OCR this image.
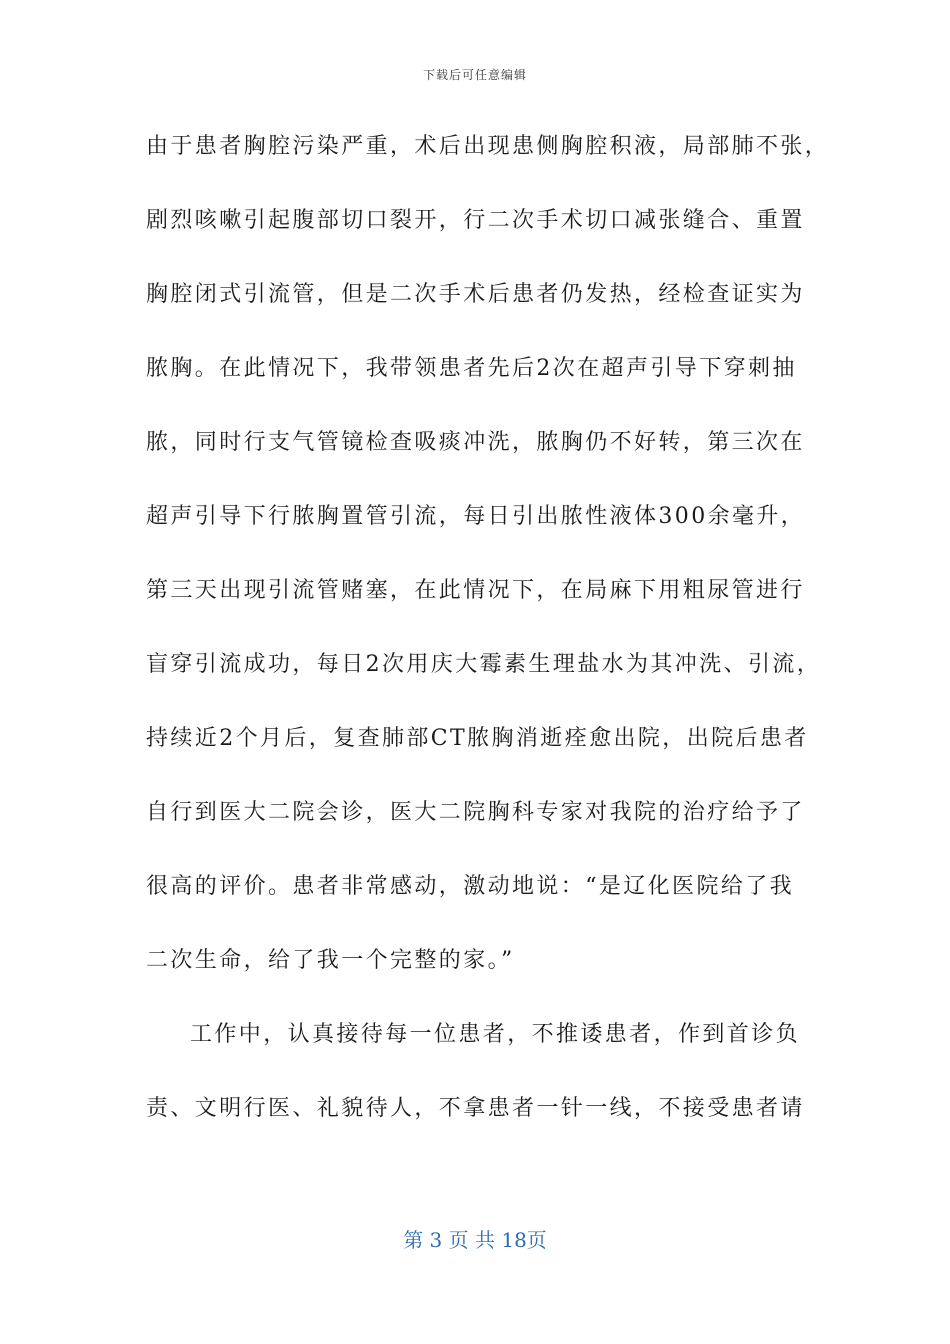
下载后可任意编辑
由于患者胸腔污染严重，术后出现患侧胸腔积液，局部肺不张，
剧烈咳嗽引起腹部切口裂开，行二次手术切口减张缝合、重置
胸腔闭式引流管，但是二次手术后患者仍发热，经检查证实为
脓胸。在此情况下，我带领患者先后2次在超声引导下穿刺抽
脓，同时行支气管镜检查吸痰冲洗，脓胸仍不好转，第三次在
超声引导下行脓胸置管引流，每日引出脓性液体300余毫升，
第三天出现引流管赌塞，在此情况下，在局麻下用粗尿管进行
盲穿引流成功，每日2次用庆大霉素生理盐水为其冲洗、引流，
持续近2个月后，复查肺部CT脓胸消逝痊愈出院，出院后患者
自行到医大二院会诊，医大二院胸科专家对我院的治疗给予了
很高的评价。患者非常感动，激动地说：“是辽化医院给了我
二次生命，给了我一个完整的家。”
工作中，认真接待每一位患者，不推诿患者，作到首诊负
责、文明行医、礼貌待人，不拿患者一针一线，不接受患者请
第 3 页 共 18页
